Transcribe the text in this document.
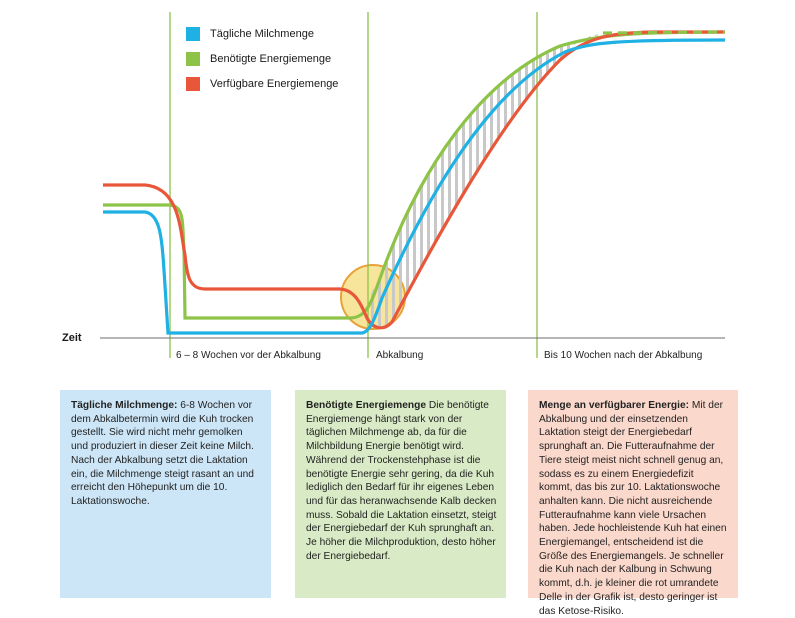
Tägliche Milchmenge
Benötigte Energiemenge
Verfügbare Energiemenge
Zeit
6 – 8 Wochen vor der Abkalbung	Abkalbung	Bis 10 Wochen nach der Abkalbung
Tägliche Milchmenge: 6-8 Wochen vor dem Abkalbetermin wird die Kuh trocken gestellt. Sie wird nicht mehr gemolken und produziert in dieser Zeit keine Milch. Nach der Abkalbung setzt die Laktation ein, die Milchmenge steigt rasant an und erreicht den Höhepunkt um die 10. Laktationswoche.
Benötigte Energiemenge Die benötigte Energiemenge hängt stark von der täglichen Milchmenge ab, da für die Milchbildung Energie benötigt wird. Während der Trockenstehphase ist die benötigte Energie sehr gering, da die Kuh lediglich den Bedarf für ihr eigenes Leben und für das heranwachsende Kalb decken muss. Sobald die Laktation einsetzt, steigt der Energiebedarf der Kuh sprunghaft an. Je höher die Milchproduktion, desto höher der Energiebedarf.
Menge an verfügbarer Energie: Mit der Abkalbung und der einsetzenden Laktation steigt der Energiebedarf sprunghaft an. Die Futteraufnahme der Tiere steigt meist nicht schnell genug an, sodass es zu einem Energiedefizit kommt, das bis zur 10. Laktationswoche anhalten kann. Die nicht ausreichende Futteraufnahme kann viele Ursachen haben. Jede hochleistende Kuh hat einen Energiemangel, entscheidend ist die Größe des Energiemangels. Je schneller die Kuh nach der Kalbung in Schwung kommt, d.h. je kleiner die rot umrandete Delle in der Grafik ist, desto geringer ist das Ketose-Risiko.
